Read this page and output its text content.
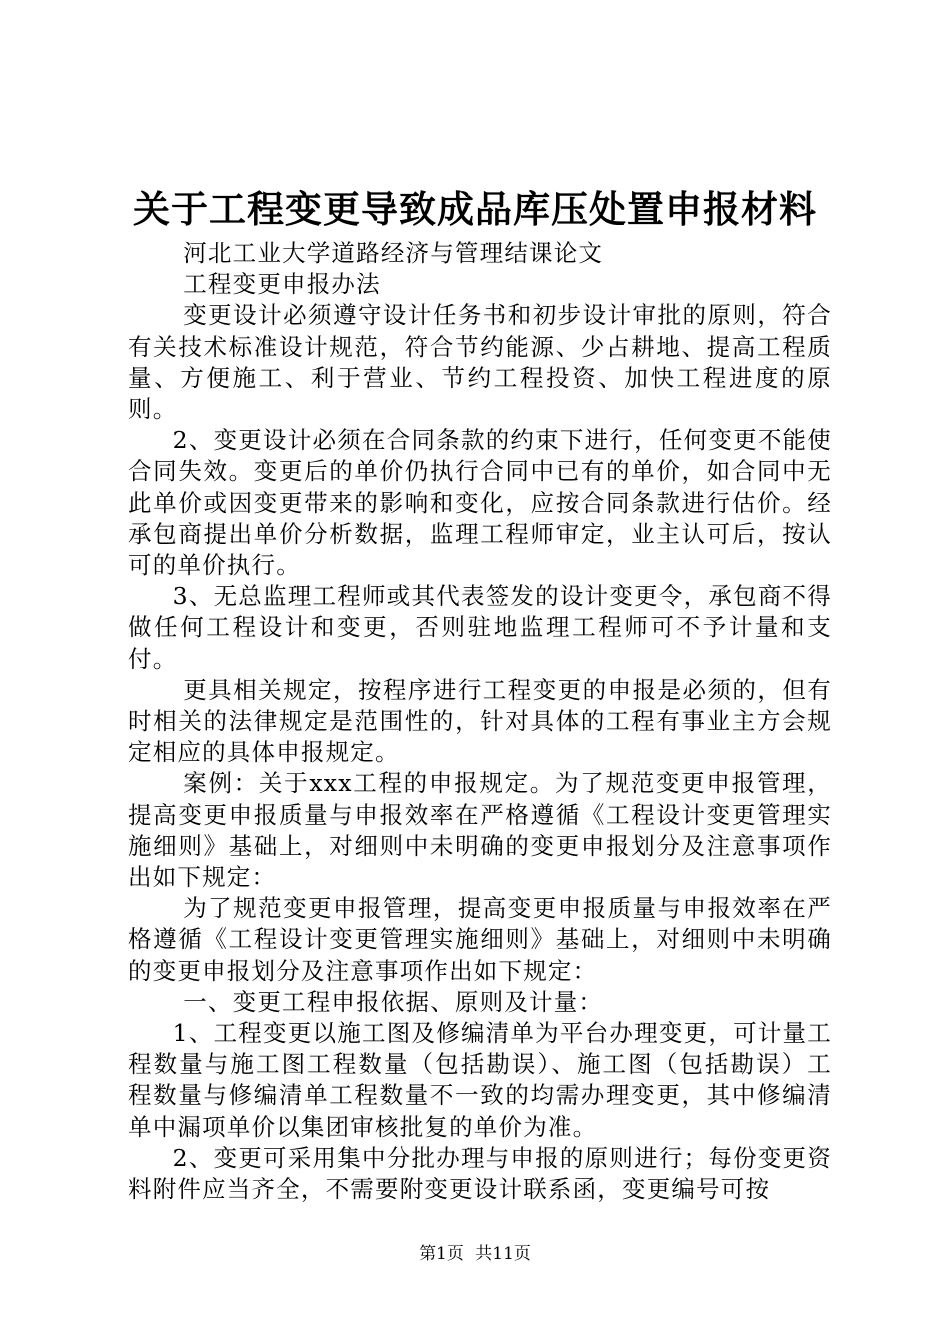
关于工程变更导致成品库压处置申报材料

河北工业大学道路经济与管理结课论文

工程变更申报办法

变更设计必须遵守设计任务书和初步设计审批的原则，符合有关技术标准设计规范，符合节约能源、少占耕地、提高工程质量、方便施工、利于营业、节约工程投资、加快工程进度的原则。

2、变更设计必须在合同条款的约束下进行，任何变更不能使合同失效。变更后的单价仍执行合同中已有的单价，如合同中无此单价或因变更带来的影响和变化，应按合同条款进行估价。经承包商提出单价分析数据，监理工程师审定，业主认可后，按认可的单价执行。

3、无总监理工程师或其代表签发的设计变更令，承包商不得做任何工程设计和变更，否则驻地监理工程师可不予计量和支付。

更具相关规定，按程序进行工程变更的申报是必须的，但有时相关的法律规定是范围性的，针对具体的工程有事业主方会规定相应的具体申报规定。

案例：关于xxx工程的申报规定。为了规范变更申报管理，提高变更申报质量与申报效率在严格遵循《工程设计变更管理实施细则》基础上，对细则中未明确的变更申报划分及注意事项作出如下规定：

为了规范变更申报管理，提高变更申报质量与申报效率在严格遵循《工程设计变更管理实施细则》基础上，对细则中未明确的变更申报划分及注意事项作出如下规定：

一、变更工程申报依据、原则及计量：

1、工程变更以施工图及修编清单为平台办理变更，可计量工程数量与施工图工程数量（包括勘误）、施工图（包括勘误）工程数量与修编清单工程数量不一致的均需办理变更，其中修编清单中漏项单价以集团审核批复的单价为准。

2、变更可采用集中分批办理与申报的原则进行；每份变更资料附件应当齐全，不需要附变更设计联系函，变更编号可按

第1页 共11页
